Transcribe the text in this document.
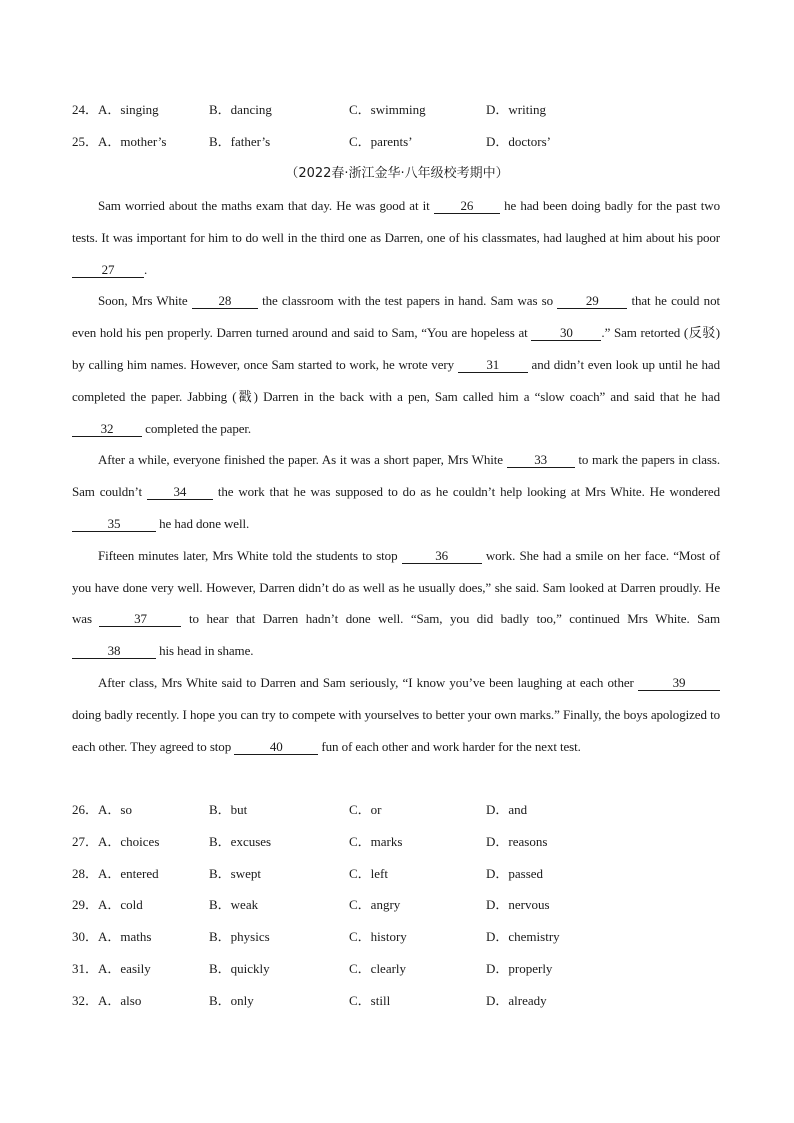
24．A．singing	B．dancing	C．swimming	D．writing
25．A．mother’s	B．father’s	C．parents’	D．doctors’
（2022春·浙江金华·八年级校考期中）

Sam worried about the maths exam that day. He was good at it 26 he had been doing badly for the past two tests. It was important for him to do well in the third one as Darren, one of his classmates, had laughed at him about his poor 27 .

Soon, Mrs White 28 the classroom with the test papers in hand. Sam was so 29 that he could not even hold his pen properly. Darren turned around and said to Sam, “You are hopeless at 30 .” Sam retorted (反驳) by calling him names. However, once Sam started to work, he wrote very 31 and didn’t even look up until he had completed the paper. Jabbing (戳) Darren in the back with a pen, Sam called him a “slow coach” and said that he had 32 completed the paper.

After a while, everyone finished the paper. As it was a short paper, Mrs White 33 to mark the papers in class. Sam couldn’t 34 the work that he was supposed to do as he couldn’t help looking at Mrs White. He wondered 35	he had done well.

Fifteen minutes later, Mrs White told the students to stop	36	work. She had a smile on her face. “Most of you have done very well. However, Darren didn’t do as well as he usually does,” she said. Sam looked at Darren proudly. He was	37	to hear that Darren hadn’t done well. “Sam, you did badly too,” continued Mrs White. Sam 38	his head in shame.

After class, Mrs White said to Darren and Sam seriously, “I know you’ve been laughing at each other	39 doing badly recently. I hope you can try to compete with yourselves to better your own marks.” Finally, the boys apologized to each other. They agreed to stop	40	fun of each other and work harder for the next test.

26．A．so	B．but	C．or	D．and
27．A．choices	B．excuses	C．marks	D．reasons
28．A．entered	B．swept	C．left	D．passed
29．A．cold	B．weak	C．angry	D．nervous
30．A．maths	B．physics	C．history	D．chemistry
31．A．easily	B．quickly	C．clearly	D．properly
32．A．also	B．only	C．still	D．already
